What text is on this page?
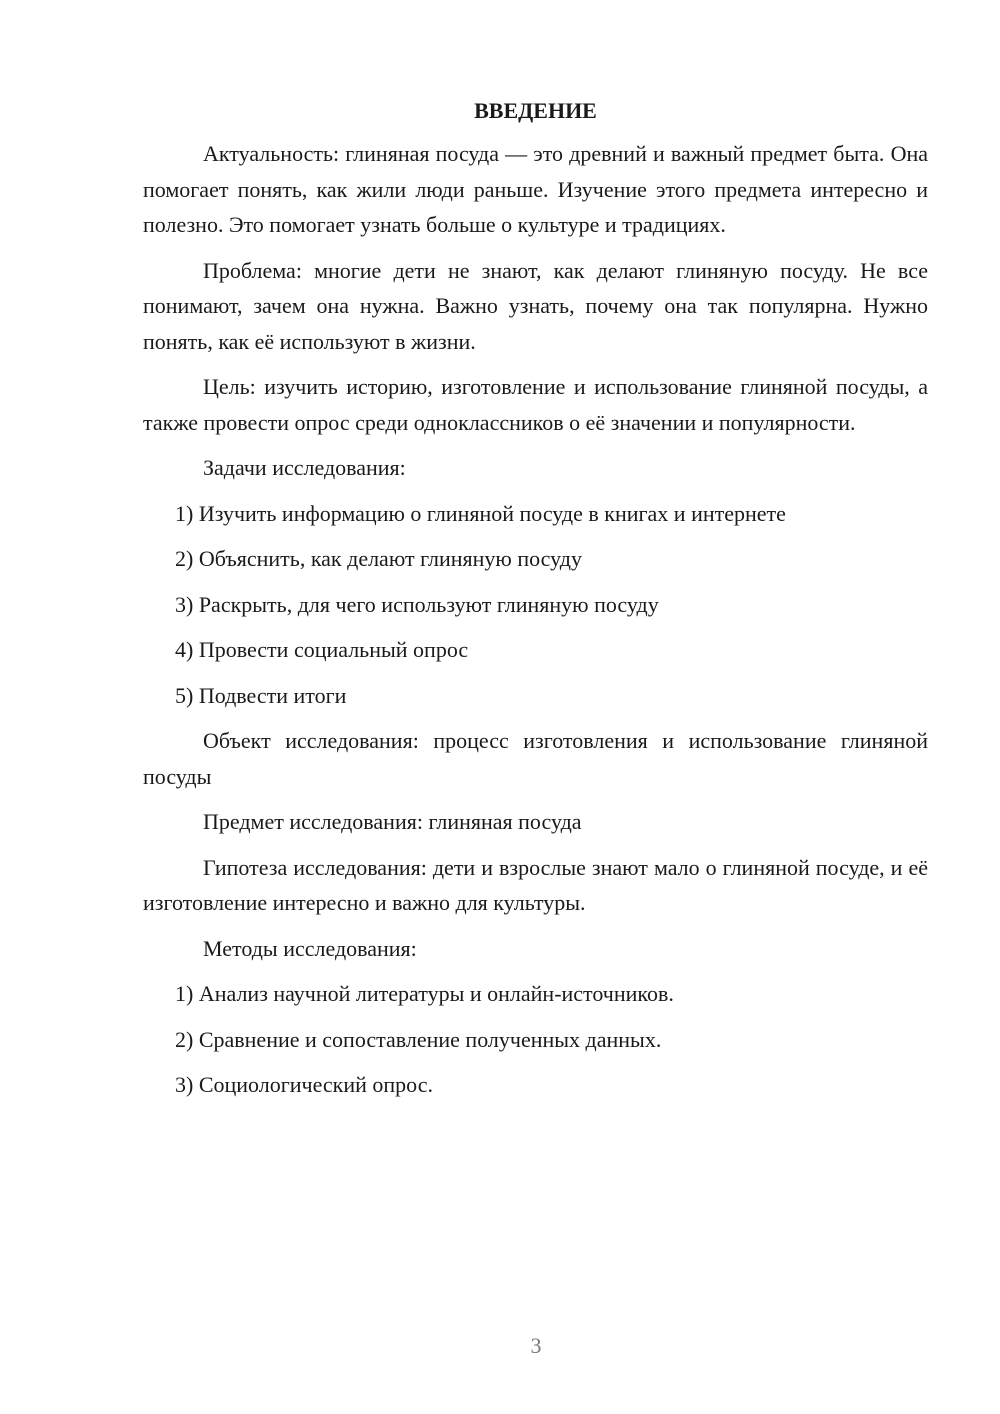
ВВЕДЕНИЕ

Актуальность: глиняная посуда — это древний и важный предмет быта. Она помогает понять, как жили люди раньше. Изучение этого предмета интересно и полезно. Это помогает узнать больше о культуре и традициях.

Проблема: многие дети не знают, как делают глиняную посуду. Не все понимают, зачем она нужна. Важно узнать, почему она так популярна. Нужно понять, как её используют в жизни.

Цель: изучить историю, изготовление и использование глиняной посуды, а также провести опрос среди одноклассников о её значении и популярности.

Задачи исследования:

1) Изучить информацию о глиняной посуде в книгах и интернете
2) Объяснить, как делают глиняную посуду
3) Раскрыть, для чего используют глиняную посуду
4) Провести социальный опрос
5) Подвести итоги

Объект исследования: процесс изготовления и использование глиняной посуды

Предмет исследования: глиняная посуда

Гипотеза исследования: дети и взрослые знают мало о глиняной посуде, и её изготовление интересно и важно для культуры.

Методы исследования:

1) Анализ научной литературы и онлайн-источников.
2) Сравнение и сопоставление полученных данных.
3) Социологический опрос.
3
